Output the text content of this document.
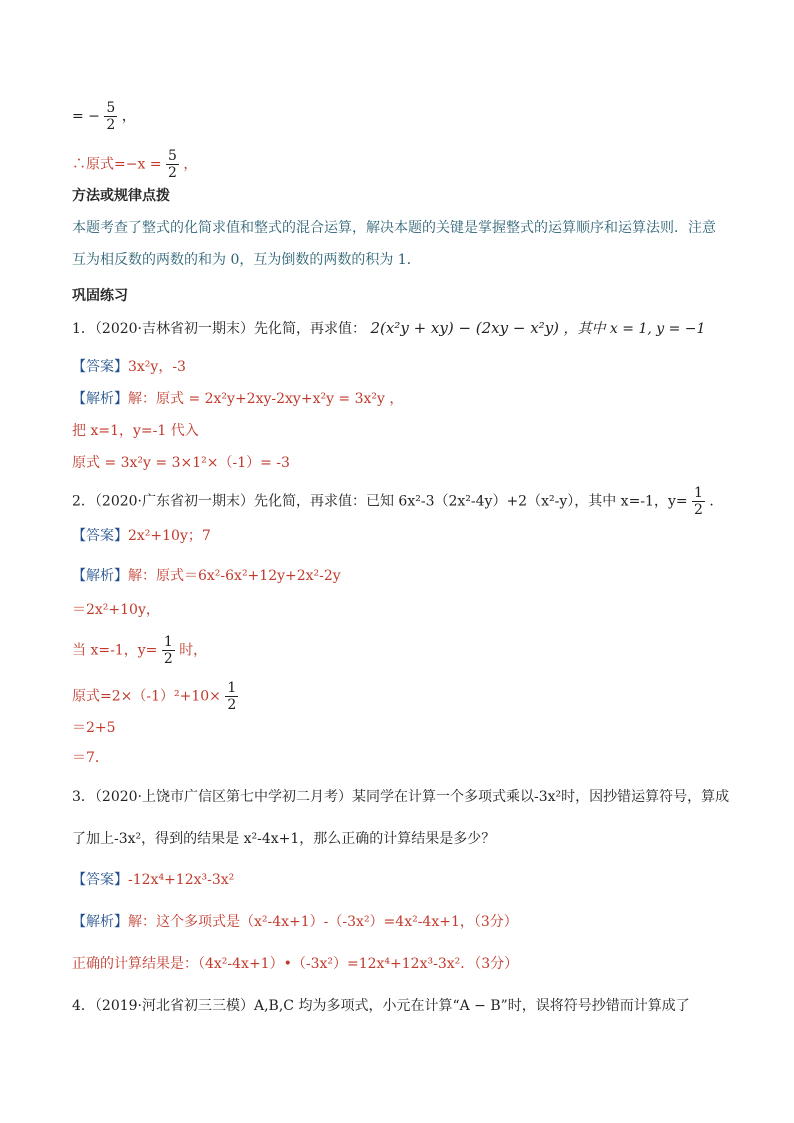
= − $\frac{5}{2}$ ，
∴原式$=-x = \frac{5}{2}$ ，
方法或规律点拨
本题考查了整式的化简求值和整式的混合运算，解决本题的关键是掌握整式的运算顺序和运算法则．注意互为相反数的两数的和为 0，互为倒数的两数的积为 1．
巩固练习
1．（2020·吉林省初一期末）先化简，再求值： 2(x²y + xy) − (2xy − x²y) ，其中 x = 1, y = −1
【答案】3x²y，-3
【解析】解：原式 = 2x²y+2xy-2xy+x²y = 3x²y ，
把 x=1，y=-1 代入
原式 = 3x²y = 3×1²×（-1）= -3
2．（2020·广东省初一期末）先化简，再求值：已知 6x²-3（2x²-4y）+2（x²-y），其中 x=-1，$y= \frac{1}{2}$ ．
【答案】2x²+10y；7
【解析】解：原式＝6x²-6x²+12y+2x²-2y
＝2x²+10y，
当 x=-1，$y= \frac{1}{2}$ 时，
原式$=2\times(-1)^2+10\times \frac{1}{2}$
＝2+5
＝7．
3．（2020·上饶市广信区第七中学初二月考）某同学在计算一个多项式乘以-3x²时，因抄错运算符号，算成
了加上-3x²，得到的结果是 x²-4x+1，那么正确的计算结果是多少？
【答案】-12x⁴+12x³-3x²
【解析】解：这个多项式是（x²-4x+1）-（-3x²）=4x²-4x+1，（3分）
正确的计算结果是：（4x²-4x+1）•（-3x²）=12x⁴+12x³-3x²．（3分）
4．（2019·河北省初三三模）A,B,C 均为多项式，小元在计算“A − B”时，误将符号抄错而计算成了
